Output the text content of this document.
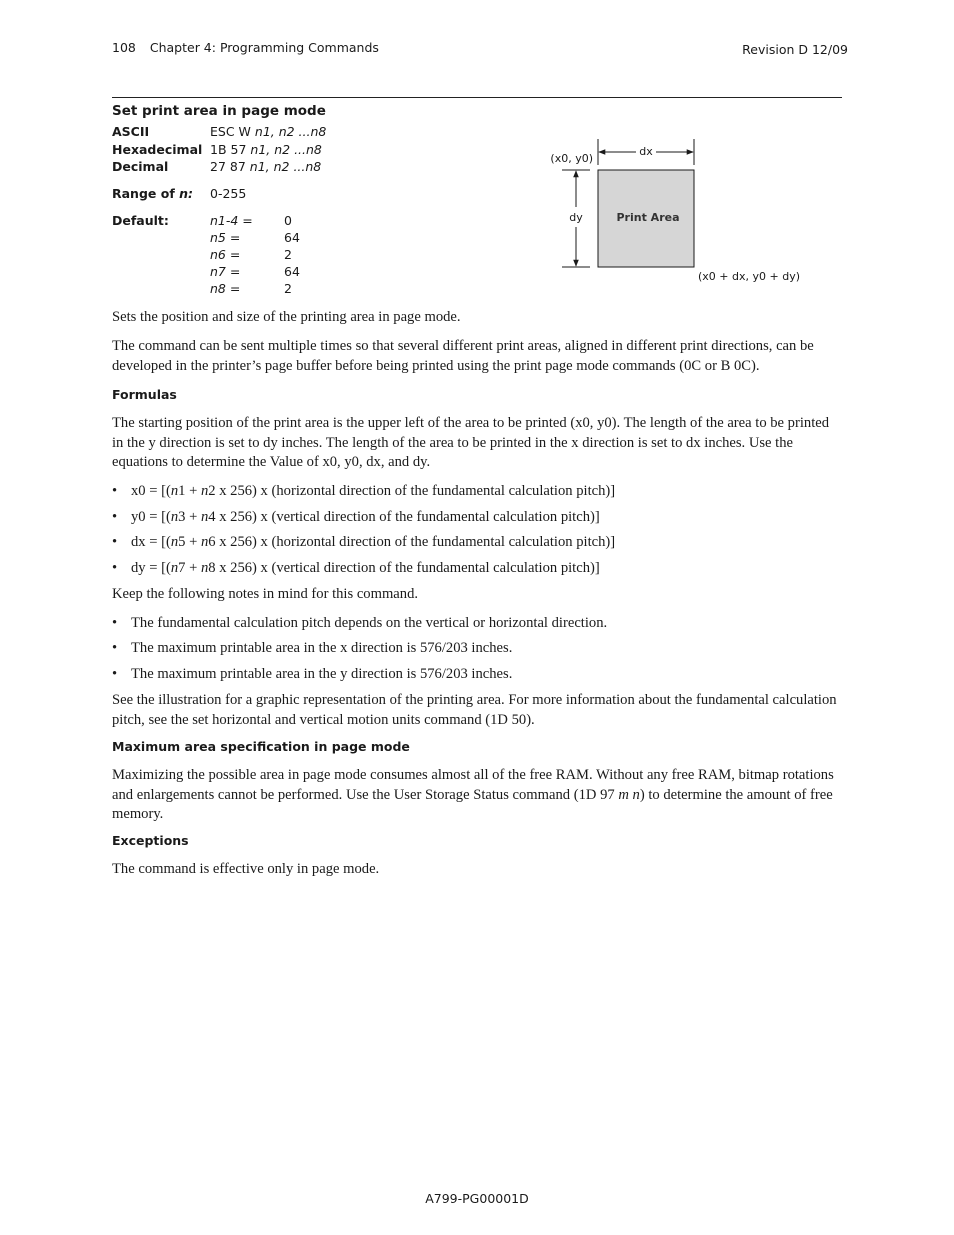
108 Chapter 4: Programming Commands	Revision D 12/09
Set print area in page mode
ASCII	ESC W n1, n2 ...n8
Hexadecimal 1B 57 n1, n2 ...n8
Decimal	27 87 n1, n2 ...n8
Range of n: 0-255
Default:	n1-4 = 0
n5 =	64
n6 =	2
n7 =	64
n8 =	2
dx
(x0, y0)
dy	Print Area
(x0 + dx, y0 + dy)
Sets the position and size of the printing area in page mode.
The command can be sent multiple times so that several different print areas, aligned in different print directions, can be developed in the printer’s page buffer before being printed using the print page mode commands (0C or B 0C).
Formulas
The starting position of the print area is the upper left of the area to be printed (x0, y0). The length of the area to be printed in the y direction is set to dy inches. The length of the area to be printed in the x direction is set to dx inches. Use the equations to determine the Value of x0, y0, dx, and dy.
• x0 = [(n1 + n2 x 256) x (horizontal direction of the fundamental calculation pitch)]
• y0 = [(n3 + n4 x 256) x (vertical direction of the fundamental calculation pitch)]
• dx = [(n5 + n6 x 256) x (horizontal direction of the fundamental calculation pitch)]
• dy = [(n7 + n8 x 256) x (vertical direction of the fundamental calculation pitch)]
Keep the following notes in mind for this command.
• The fundamental calculation pitch depends on the vertical or horizontal direction.
• The maximum printable area in the x direction is 576/203 inches.
• The maximum printable area in the y direction is 576/203 inches.
See the illustration for a graphic representation of the printing area. For more information about the fundamental calculation pitch, see the set horizontal and vertical motion units command (1D 50).
Maximum area specification in page mode
Maximizing the possible area in page mode consumes almost all of the free RAM. Without any free RAM, bitmap rotations and enlargements cannot be performed. Use the User Storage Status command (1D 97 m n) to determine the amount of free memory.
Exceptions
The command is effective only in page mode.
A799-PG00001D
